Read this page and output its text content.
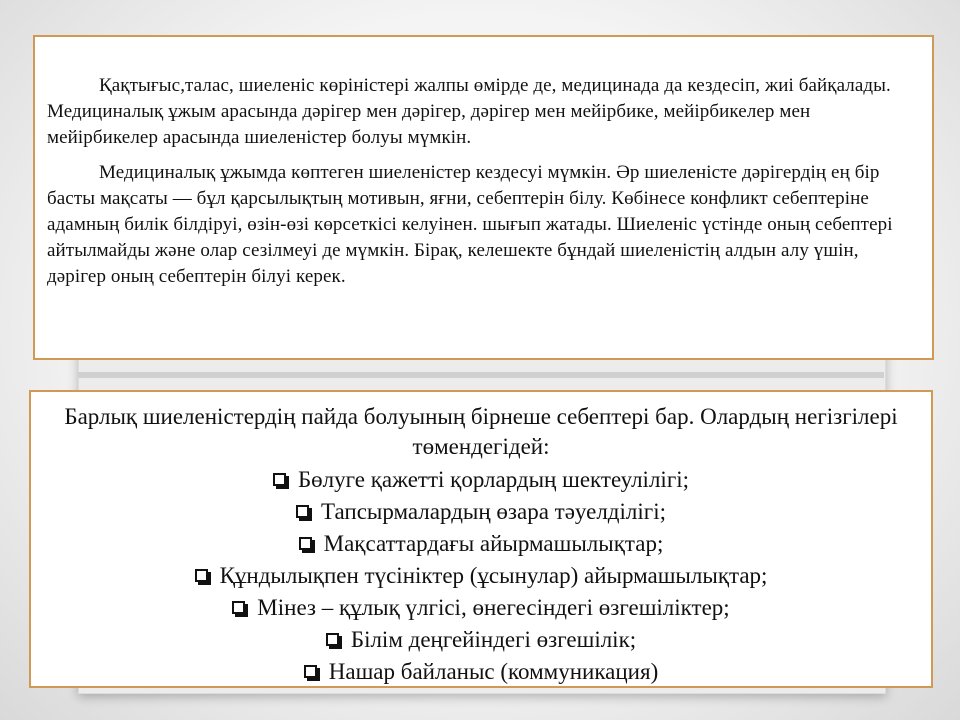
Қақтығыс,талас, шиеленіс көріністері жалпы өмірде де, медицинада да кездесіп, жиі байқалады. Медициналық ұжым арасында дәрігер мен дәрігер, дәрігер мен мейірбике, мейірбикелер мен мейірбикелер арасында шиеленістер болуы мүмкін.

Медициналық ұжымда көптеген шиеленістер кездесуі мүмкін. Әр шиеленісте дәрігердің ең бір басты мақсаты — бұл қарсылықтың мотивын, яғни, себептерін білу. Көбінесе конфликт себептеріне адамның билік білдіруі, өзін-өзі көрсеткісі келуінен. шығып жатады. Шиеленіс үстінде оның себептері айтылмайды және олар сезілмеуі де мүмкін. Бірақ, келешекте бұндай шиеленістің алдын алу үшін, дәрігер оның себептерін білуі керек.

Барлық шиеленістердің пайда болуының бірнеше себептері бар. Олардың негізгілері төмендегідей:
Бөлуге қажетті қорлардың шектеулілігі;
Тапсырмалардың өзара тәуелділігі;
Мақсаттардағы айырмашылықтар;
Құндылықпен түсініктер (ұсынулар) айырмашылықтар;
Мінез – құлық үлгісі, өнегесіндегі өзгешіліктер;
Білім деңгейіндегі өзгешілік;
Нашар байланыс (коммуникация)
